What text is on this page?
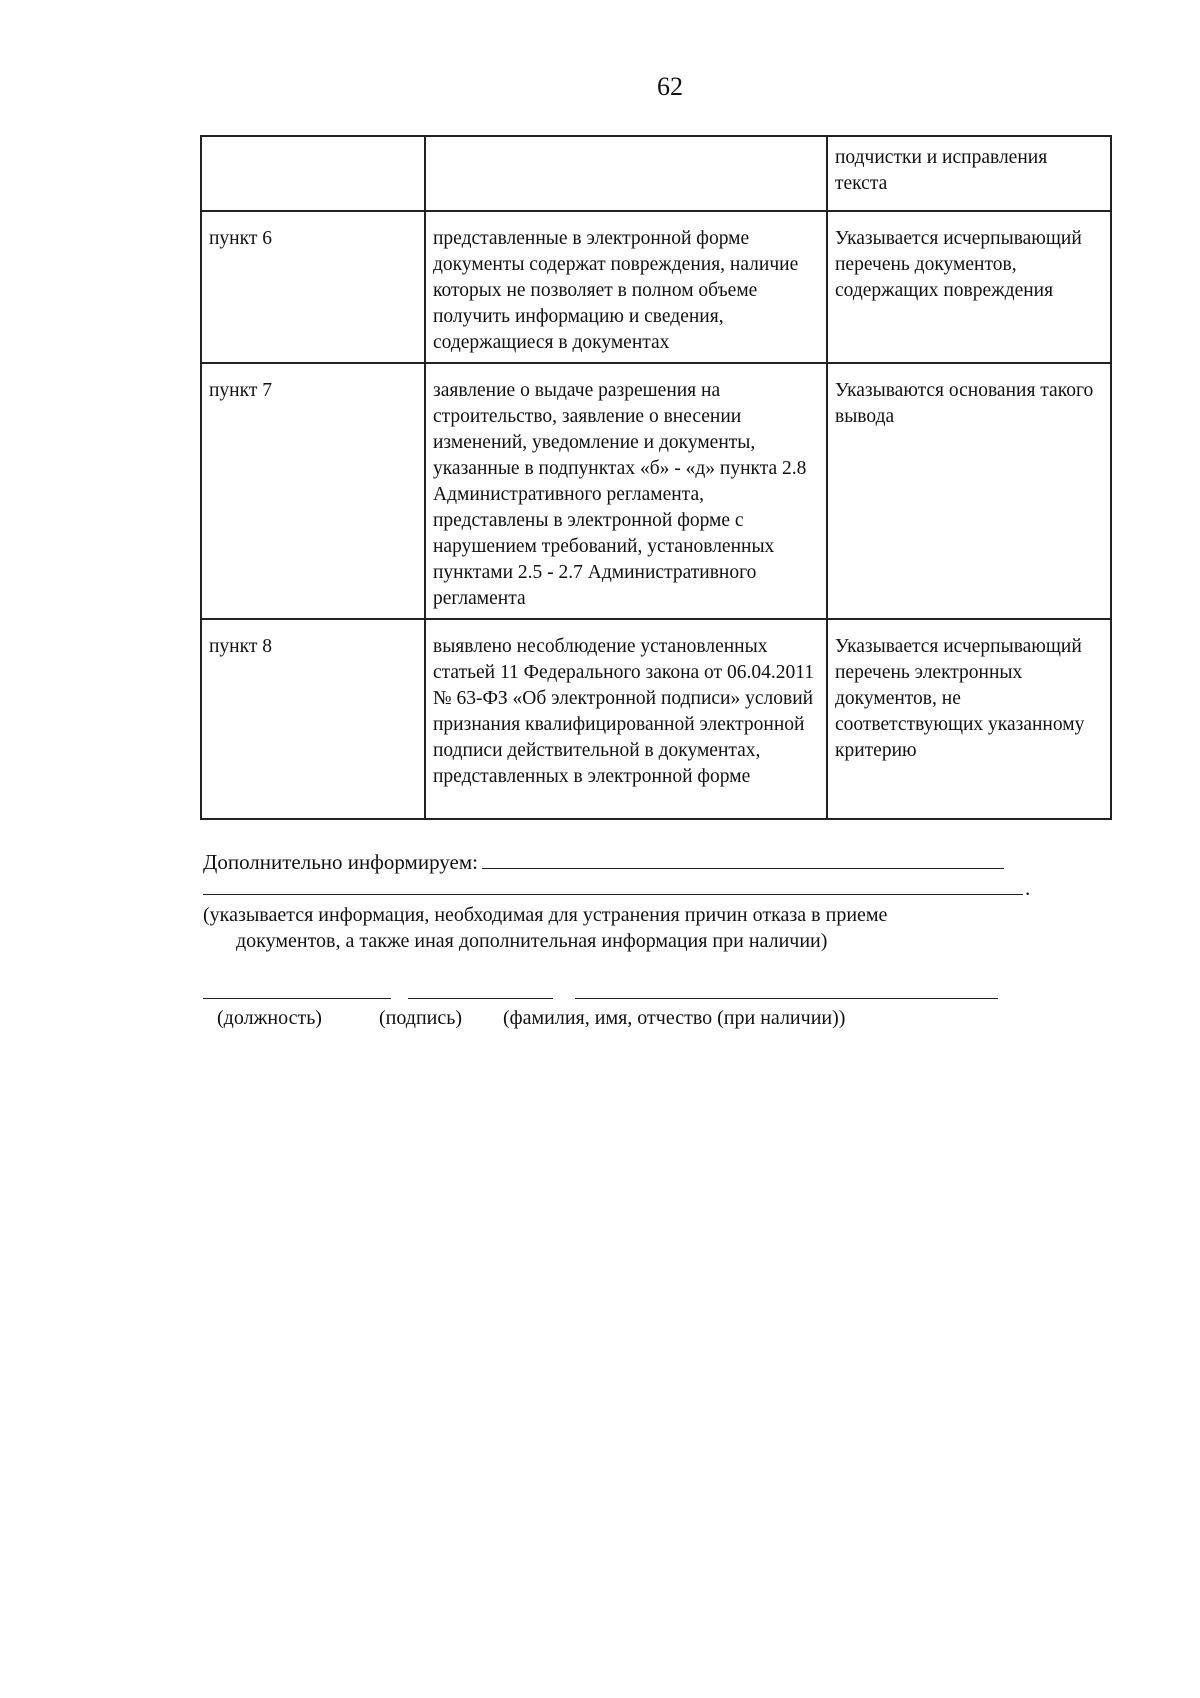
62
		подчистки и исправления текста
пункт 6	представленные в электронной форме документы содержат повреждения, наличие которых не позволяет в полном объеме получить информацию и сведения, содержащиеся в документах	Указывается исчерпывающий перечень документов, содержащих повреждения
пункт 7	заявление о выдаче разрешения на строительство, заявление о внесении изменений, уведомление и документы, указанные в подпунктах «б» - «д» пункта 2.8 Административного регламента, представлены в электронной форме с нарушением требований, установленных пунктами 2.5 - 2.7 Административного регламента	Указываются основания такого вывода
пункт 8	выявлено несоблюдение установленных статьей 11 Федерального закона от 06.04.2011 № 63-ФЗ «Об электронной подписи» условий признания квалифицированной электронной подписи действительной в документах, представленных в электронной форме	Указывается исчерпывающий перечень электронных документов, не соответствующих указанному критерию
Дополнительно информируем:
.
(указывается информация, необходимая для устранения причин отказа в приеме
документов, а также иная дополнительная информация при наличии)
(должность)	(подпись) (фамилия, имя, отчество (при наличии))
